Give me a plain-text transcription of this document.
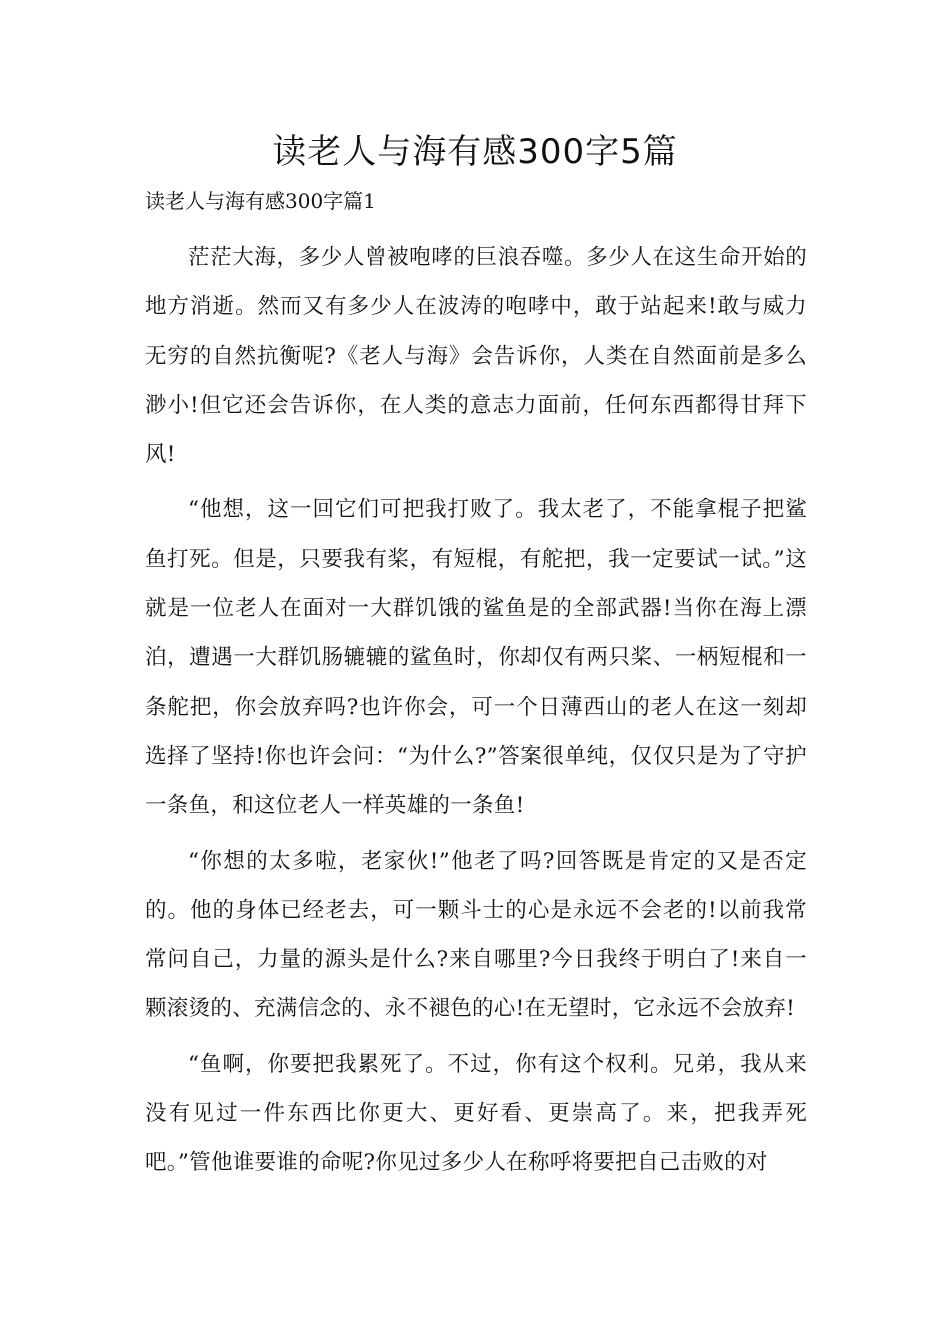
读老人与海有感300字5篇

读老人与海有感300字篇1

茫茫大海，多少人曾被咆哮的巨浪吞噬。多少人在这生命开始的地方消逝。然而又有多少人在波涛的咆哮中，敢于站起来!敢与威力无穷的自然抗衡呢?《老人与海》会告诉你，人类在自然面前是多么渺小!但它还会告诉你，在人类的意志力面前，任何东西都得甘拜下风!

“他想，这一回它们可把我打败了。我太老了，不能拿棍子把鲨鱼打死。但是，只要我有桨，有短棍，有舵把，我一定要试一试。”这就是一位老人在面对一大群饥饿的鲨鱼是的全部武器!当你在海上漂泊，遭遇一大群饥肠辘辘的鲨鱼时，你却仅有两只桨、一柄短棍和一条舵把，你会放弃吗?也许你会，可一个日薄西山的老人在这一刻却选择了坚持!你也许会问：“为什么?”答案很单纯，仅仅只是为了守护一条鱼，和这位老人一样英雄的一条鱼!

“你想的太多啦，老家伙!”他老了吗?回答既是肯定的又是否定的。他的身体已经老去，可一颗斗士的心是永远不会老的!以前我常常问自己，力量的源头是什么?来自哪里?今日我终于明白了!来自一颗滚烫的、充满信念的、永不褪色的心!在无望时，它永远不会放弃!

“鱼啊，你要把我累死了。不过，你有这个权利。兄弟，我从来没有见过一件东西比你更大、更好看、更崇高了。来，把我弄死吧。”管他谁要谁的命呢?你见过多少人在称呼将要把自己击败的对
